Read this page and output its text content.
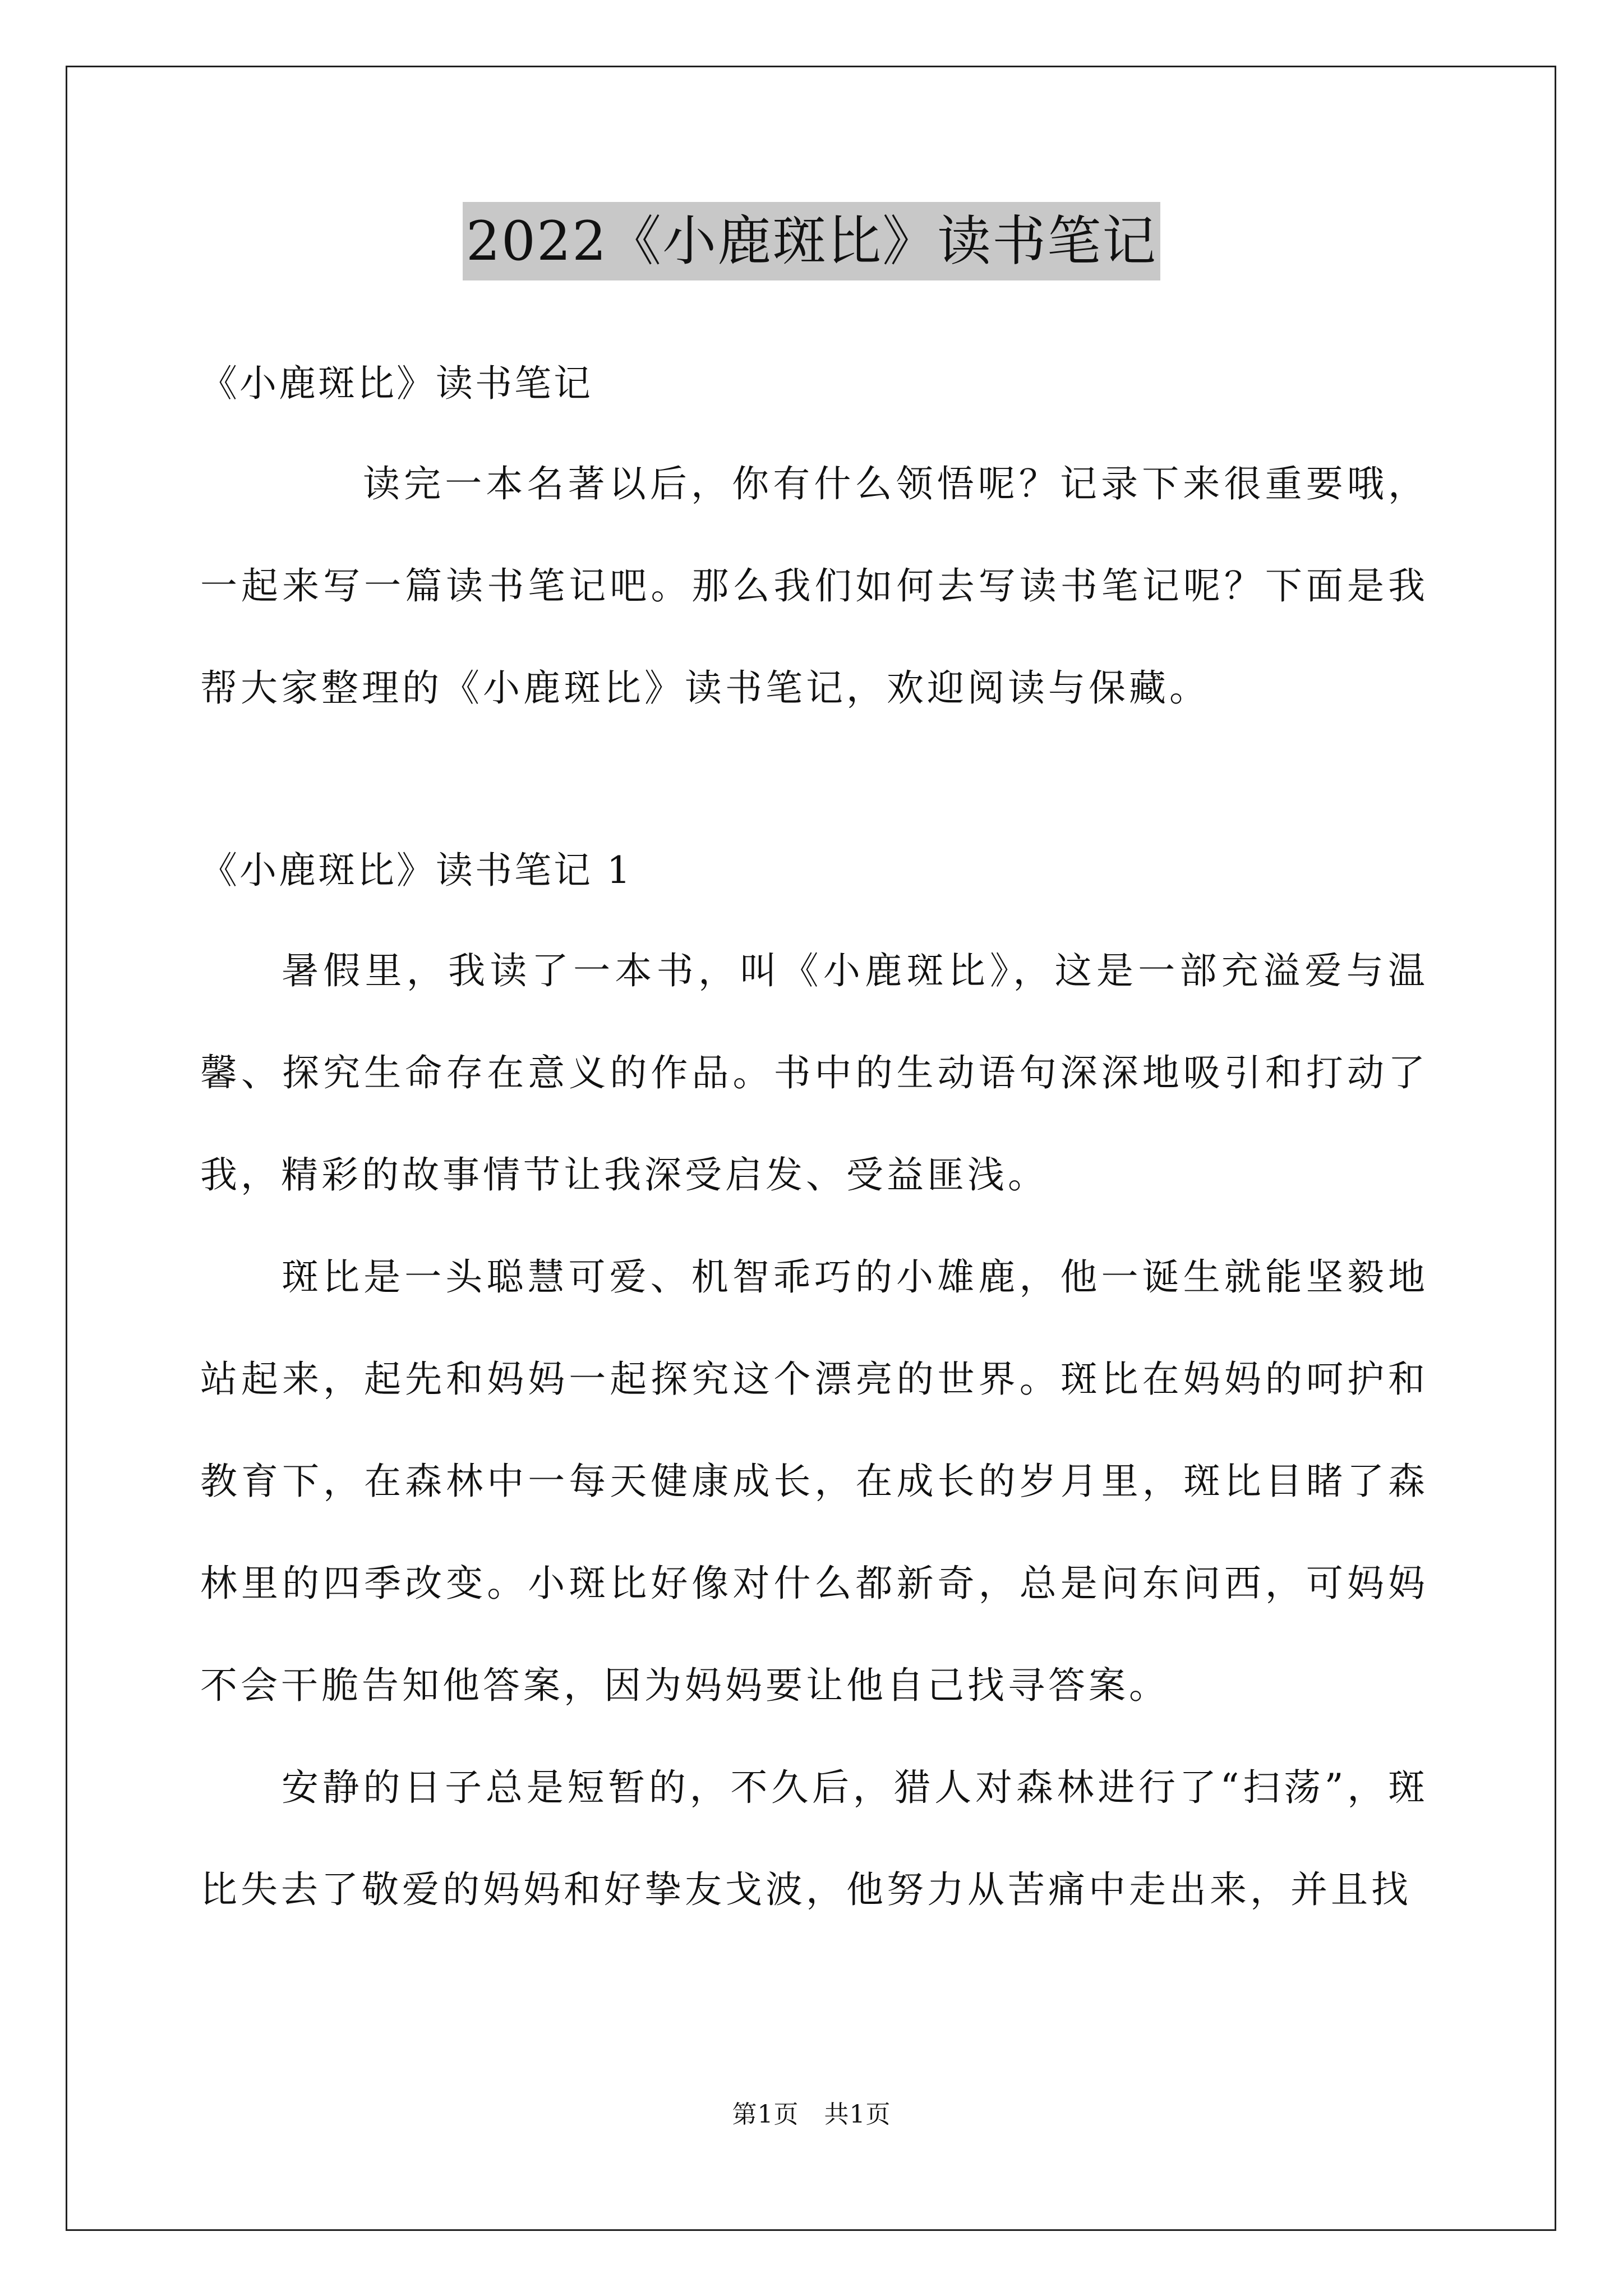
2022《小鹿斑比》读书笔记

《小鹿斑比》读书笔记

读完一本名著以后，你有什么领悟呢？记录下来很重要哦，一起来写一篇读书笔记吧。那么我们如何去写读书笔记呢？下面是我帮大家整理的《小鹿斑比》读书笔记，欢迎阅读与保藏。

《小鹿斑比》读书笔记 1

暑假里，我读了一本书，叫《小鹿斑比》，这是一部充溢爱与温馨、探究生命存在意义的作品。书中的生动语句深深地吸引和打动了我，精彩的故事情节让我深受启发、受益匪浅。

斑比是一头聪慧可爱、机智乖巧的小雄鹿，他一诞生就能坚毅地站起来，起先和妈妈一起探究这个漂亮的世界。斑比在妈妈的呵护和教育下，在森林中一每天健康成长，在成长的岁月里，斑比目睹了森林里的四季改变。小斑比好像对什么都新奇，总是问东问西，可妈妈不会干脆告知他答案，因为妈妈要让他自己找寻答案。

安静的日子总是短暂的，不久后，猎人对森林进行了“扫荡”，斑比失去了敬爱的妈妈和好挚友戈波，他努力从苦痛中走出来，并且找

第1页　共1页
